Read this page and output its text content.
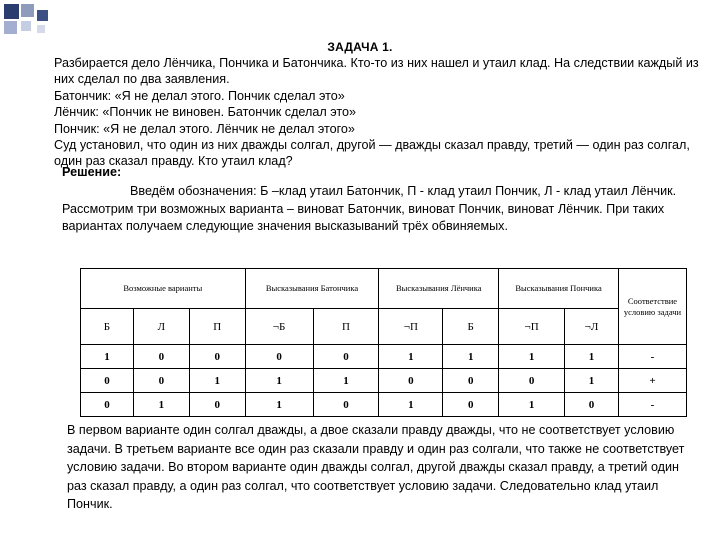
ЗАДАЧА 1.

Разбирается дело Лёнчика, Пончика и Батончика. Кто-то из них нашел и утаил клад. На следствии каждый из них сделал по два заявления.

Батончик: «Я не делал этого. Пончик сделал это»

Лёнчик: «Пончик не виновен. Батончик сделал это»

Пончик: «Я не делал этого. Лёнчик не делал этого»

Суд установил, что один из них дважды солгал, другой — дважды сказал правду, третий — один раз солгал, один раз сказал правду. Кто утаил клад?

Решение:
Введём обозначения: Б –клад утаил Батончик, П - клад утаил Пончик, Л - клад утаил Лёнчик. Рассмотрим три возможных варианта – виноват Батончик, виноват Пончик, виноват Лёнчик. При таких вариантах получаем следующие значения высказываний трёх обвиняемых.
Возможные варианты			Высказывания Батончика		Высказывания Лёнчика		Высказывания Пончика		Соответствие условию задачи
Б	Л	П	¬Б	П	¬П	Б	¬П	¬Л	
1	0	0	0	0	1	1	1	1	-
0	0	1	1	1	0	0	0	1	+
0	1	0	1	0	1	0	1	0	-
В первом варианте один солгал дважды, а двое сказали правду дважды, что не соответствует условию задачи. В третьем варианте все один раз сказали правду и один раз солгали, что также не соответствует условию задачи. Во втором варианте один дважды солгал, другой дважды сказал правду, а третий один раз сказал правду, а один раз солгал, что соответствует условию задачи. Следовательно клад утаил Пончик.
